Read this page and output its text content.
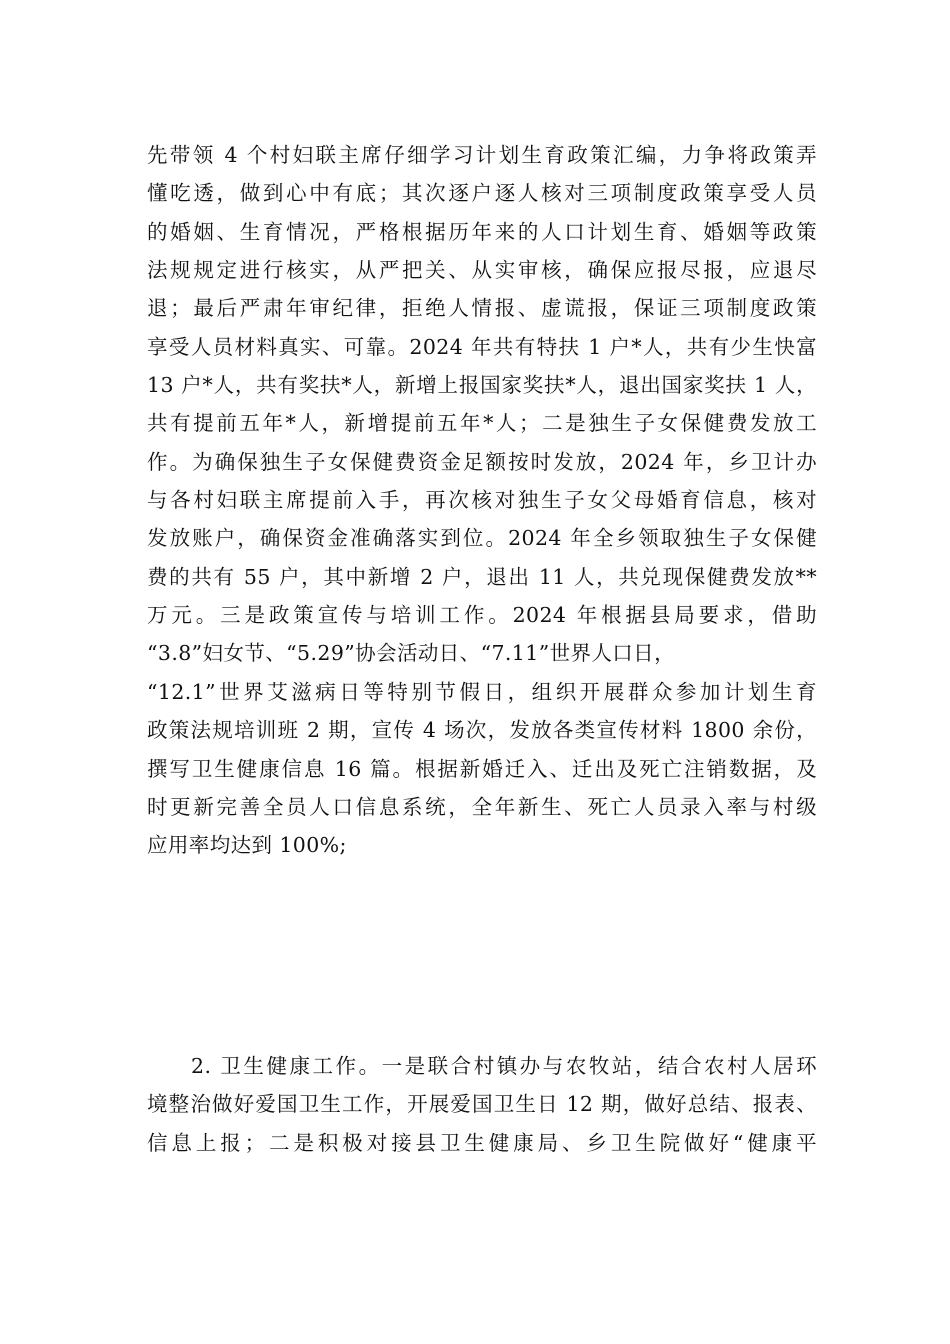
先带领 4 个村妇联主席仔细学习计划生育政策汇编，力争将政策弄
懂吃透，做到心中有底；其次逐户逐人核对三项制度政策享受人员
的婚姻、生育情况，严格根据历年来的人口计划生育、婚姻等政策
法规规定进行核实，从严把关、从实审核，确保应报尽报，应退尽
退；最后严肃年审纪律，拒绝人情报、虚谎报，保证三项制度政策
享受人员材料真实、可靠。2024 年共有特扶 1 户*人，共有少生快富
13 户*人，共有奖扶*人，新增上报国家奖扶*人，退出国家奖扶 1 人，
共有提前五年*人，新增提前五年*人；二是独生子女保健费发放工
作。为确保独生子女保健费资金足额按时发放，2024 年，乡卫计办
与各村妇联主席提前入手，再次核对独生子女父母婚育信息，核对
发放账户，确保资金准确落实到位。2024 年全乡领取独生子女保健
费的共有 55 户，其中新增 2 户，退出 11 人，共兑现保健费发放**
万元。三是政策宣传与培训工作。2024 年根据县局要求，借助
“3.8”妇女节、“5.29”协会活动日、“7.11”世界人口日，
“12.1”世界艾滋病日等特别节假日，组织开展群众参加计划生育
政策法规培训班 2 期，宣传 4 场次，发放各类宣传材料 1800 余份，
撰写卫生健康信息 16 篇。根据新婚迁入、迁出及死亡注销数据，及
时更新完善全员人口信息系统，全年新生、死亡人员录入率与村级
应用率均达到 100%;
2. 卫生健康工作。一是联合村镇办与农牧站，结合农村人居环
境整治做好爱国卫生工作，开展爱国卫生日 12 期，做好总结、报表、
信息上报；二是积极对接县卫生健康局、乡卫生院做好“健康平
